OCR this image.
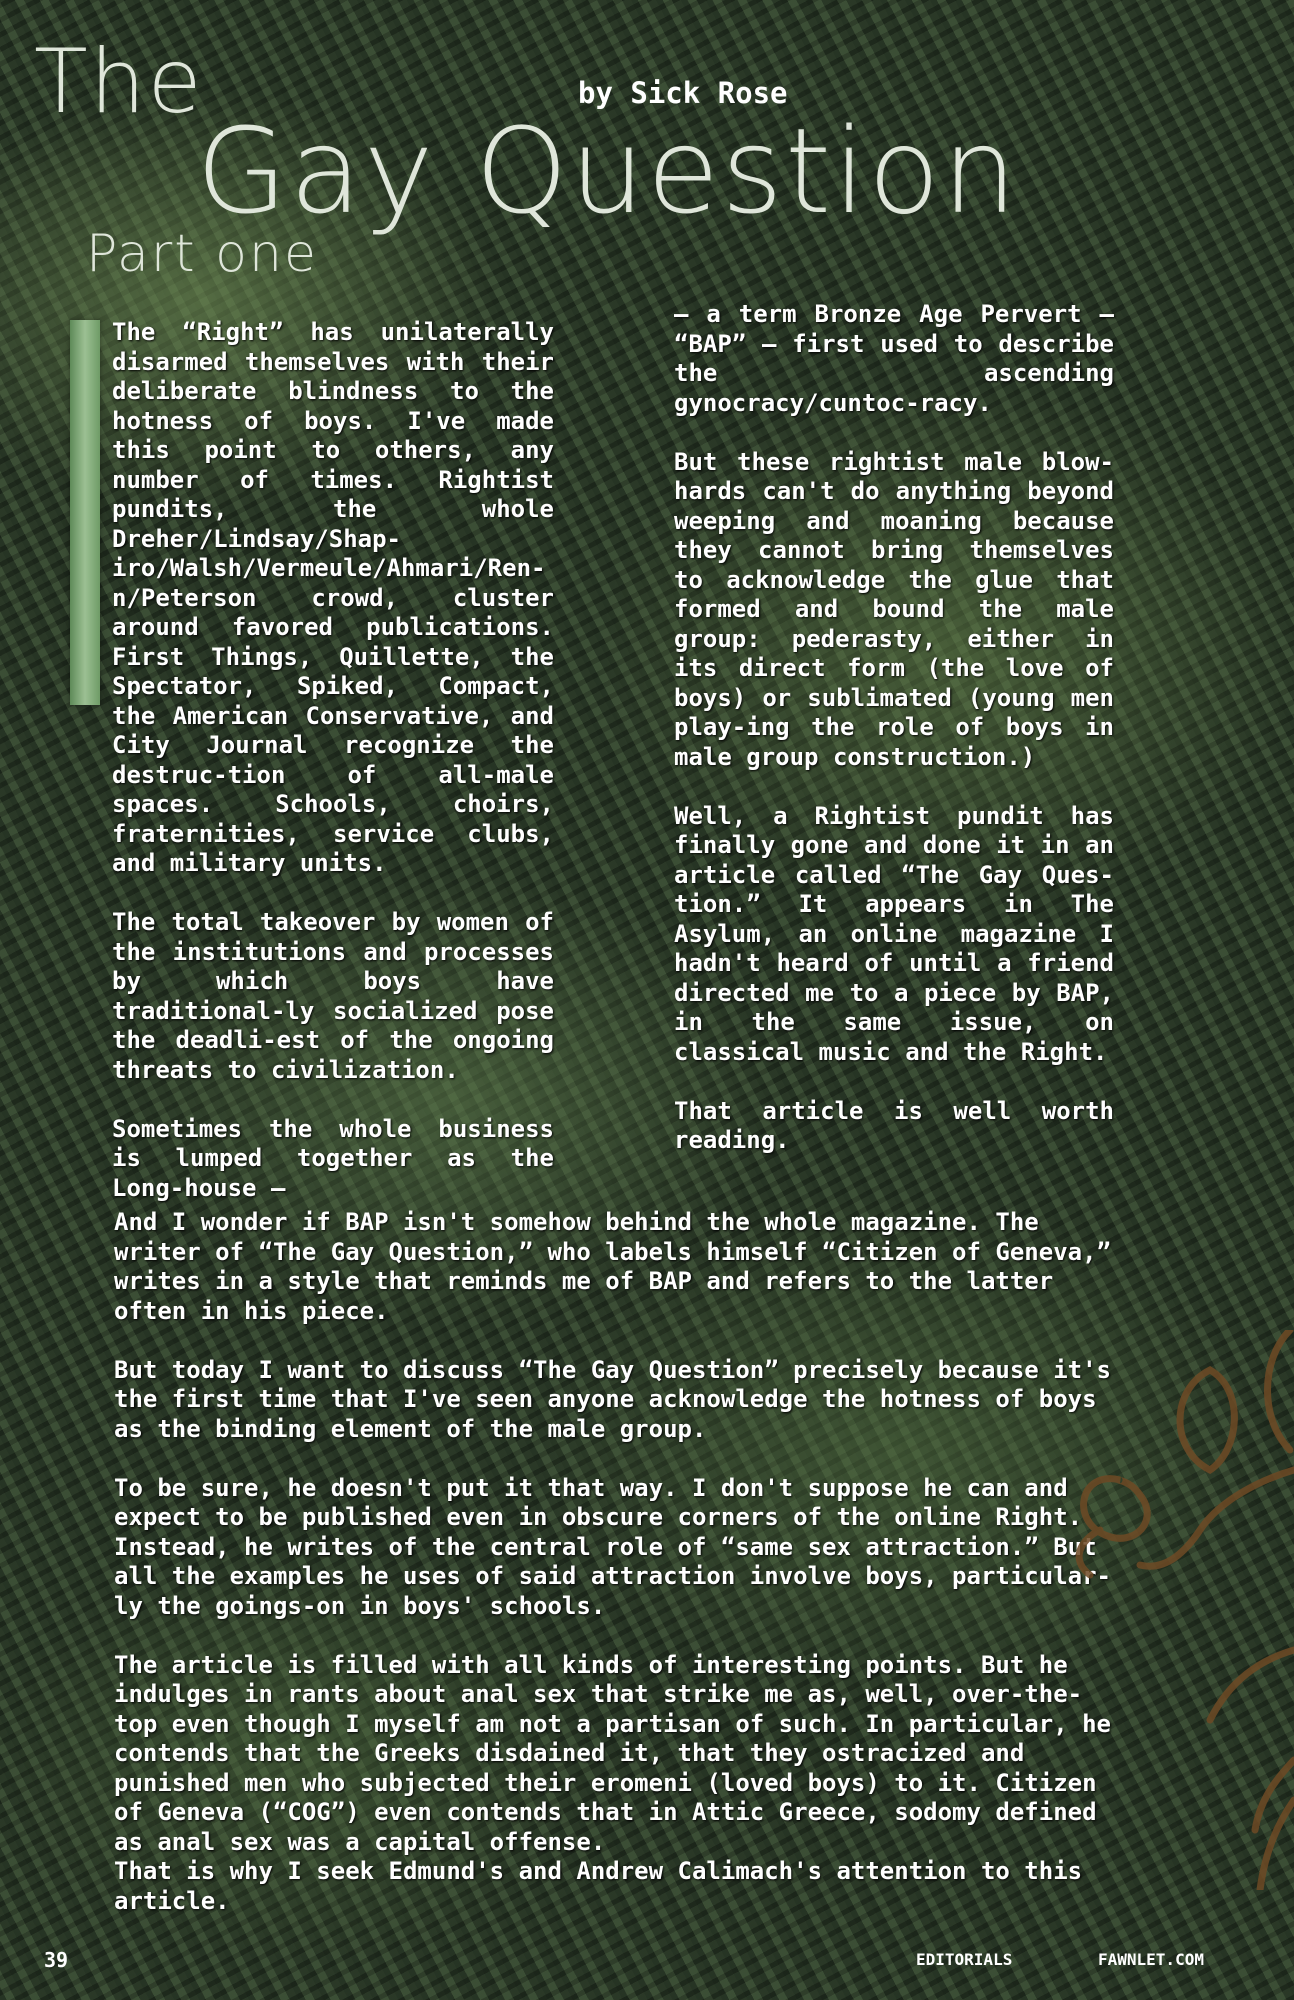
The
Gay Question
Part one
by Sick Rose

The “Right” has unilaterally disarmed themselves with their deliberate blindness to the hotness of boys. I've made this point to others, any number of times. Rightist pundits, the whole Dreher/Lindsay/Shap-iro/Walsh/Vermeule/Ahmari/Ren-n/Peterson crowd, cluster around favored publications. First Things, Quillette, the Spectator, Spiked, Compact, the American Conservative, and City Journal recognize the destruc-tion of all-male spaces. Schools, choirs, fraternities, service clubs, and military units.

The total takeover by women of the institutions and processes by which boys have traditional-ly socialized pose the deadli-est of the ongoing threats to civilization.

Sometimes the whole business is lumped together as the Long-house –

– a term Bronze Age Pervert – “BAP” – first used to describe the ascending gynocracy/cuntoc-racy.

But these rightist male blow-hards can't do anything beyond weeping and moaning because they cannot bring themselves to acknowledge the glue that formed and bound the male group: pederasty, either in its direct form (the love of boys) or sublimated (young men play-ing the role of boys in male group construction.)

Well, a Rightist pundit has finally gone and done it in an article called “The Gay Ques-tion.” It appears in The Asylum, an online magazine I hadn't heard of until a friend directed me to a piece by BAP, in the same issue, on classical music and the Right.

That article is well worth reading.

And I wonder if BAP isn't somehow behind the whole magazine. The writer of “The Gay Question,” who labels himself “Citizen of Geneva,” writes in a style that reminds me of BAP and refers to the latter often in his piece.

But today I want to discuss “The Gay Question” precisely because it's the first time that I've seen anyone acknowledge the hotness of boys as the binding element of the male group.

To be sure, he doesn't put it that way. I don't suppose he can and expect to be published even in obscure corners of the online Right. Instead, he writes of the central role of “same sex attraction.” But all the examples he uses of said attraction involve boys, particular-ly the goings-on in boys' schools.

The article is filled with all kinds of interesting points. But he indulges in rants about anal sex that strike me as, well, over-the-top even though I myself am not a partisan of such. In particular, he contends that the Greeks disdained it, that they ostracized and punished men who subjected their eromeni (loved boys) to it. Citizen of Geneva (“COG”) even contends that in Attic Greece, sodomy defined as anal sex was a capital offense.

That is why I seek Edmund's and Andrew Calimach's attention to this article.

39	EDITORIALS	FAWNLET.COM
